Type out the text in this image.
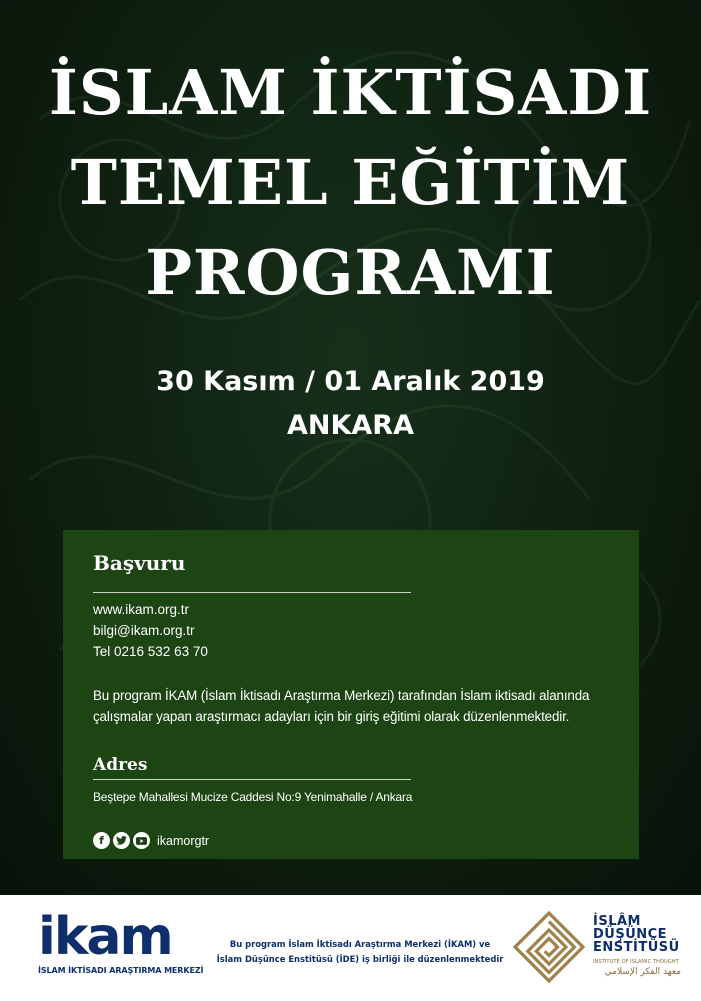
İSLAM İKTİSADI
TEMEL EĞİTİM
PROGRAMI
30 Kasım / 01 Aralık 2019
ANKARA
Başvuru
www.ikam.org.tr
bilgi@ikam.org.tr
Tel 0216 532 63 70
Bu program İKAM (İslam İktisadı Araştırma Merkezi) tarafından İslam iktisadı alanında çalışmalar yapan araştırmacı adayları için bir giriş eğitimi olarak düzenlenmektedir.
Adres
Beştepe Mahallesi Mucize Caddesi No:9 Yenimahalle / Ankara
f	ikamorgtr
ikam
İSLAM İKTİSADI ARAŞTIRMA MERKEZİ
Bu program İslam İktisadı Araştırma Merkezi (İKAM) ve
İslam Düşünce Enstitüsü (İDE) iş birliği ile düzenlenmektedir
İSLÂM
DÜŞÜNCE
ENSTİTÜSÜ
INSTITUTE OF ISLAMIC THOUGHT
معهد الفكر الإسلامي
